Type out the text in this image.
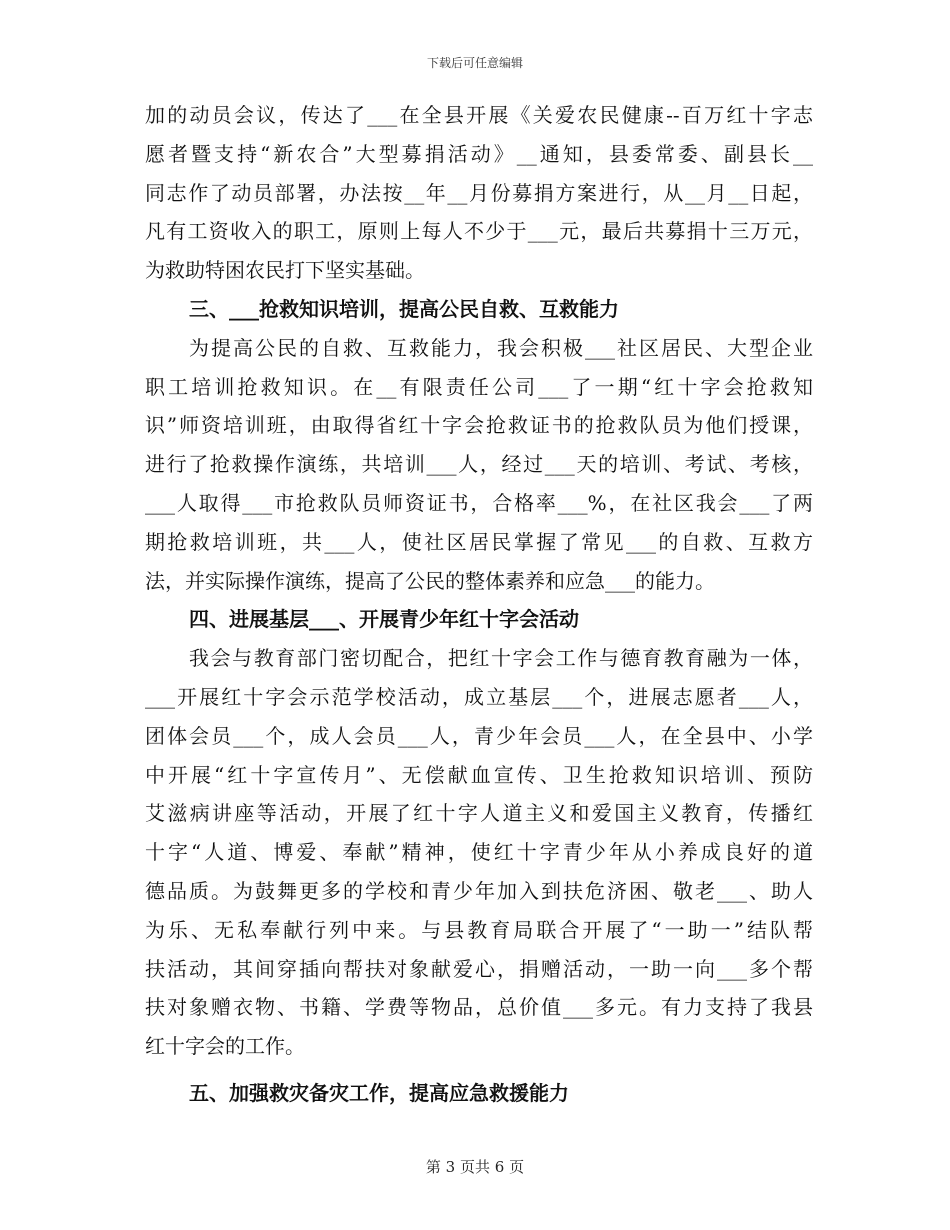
下载后可任意编辑
加的动员会议，传达了___在全县开展《关爱农民健康--百万红十字志
愿者暨支持“新农合”大型募捐活动》__通知，县委常委、副县长__
同志作了动员部署，办法按__年__月份募捐方案进行，从__月__日起，
凡有工资收入的职工，原则上每人不少于___元，最后共募捐十三万元，
为救助特困农民打下坚实基础。
三、___抢救知识培训，提高公民自救、互救能力
为提高公民的自救、互救能力，我会积极___社区居民、大型企业
职工培训抢救知识。在__有限责任公司___了一期“红十字会抢救知
识”师资培训班，由取得省红十字会抢救证书的抢救队员为他们授课，
进行了抢救操作演练，共培训___人，经过___天的培训、考试、考核，
___人取得___市抢救队员师资证书，合格率___%，在社区我会___了两
期抢救培训班，共___人，使社区居民掌握了常见___的自救、互救方
法，并实际操作演练，提高了公民的整体素养和应急___的能力。
四、进展基层___、开展青少年红十字会活动
我会与教育部门密切配合，把红十字会工作与德育教育融为一体，
___开展红十字会示范学校活动，成立基层___个，进展志愿者___人，
团体会员___个，成人会员___人，青少年会员___人，在全县中、小学
中开展“红十字宣传月”、无偿献血宣传、卫生抢救知识培训、预防
艾滋病讲座等活动，开展了红十字人道主义和爱国主义教育，传播红
十字“人道、博爱、奉献”精神，使红十字青少年从小养成良好的道
德品质。为鼓舞更多的学校和青少年加入到扶危济困、敬老___、助人
为乐、无私奉献行列中来。与县教育局联合开展了“一助一”结队帮
扶活动，其间穿插向帮扶对象献爱心，捐赠活动，一助一向___多个帮
扶对象赠衣物、书籍、学费等物品，总价值___多元。有力支持了我县
红十字会的工作。
五、加强救灾备灾工作，提高应急救援能力
第 3 页共 6 页
